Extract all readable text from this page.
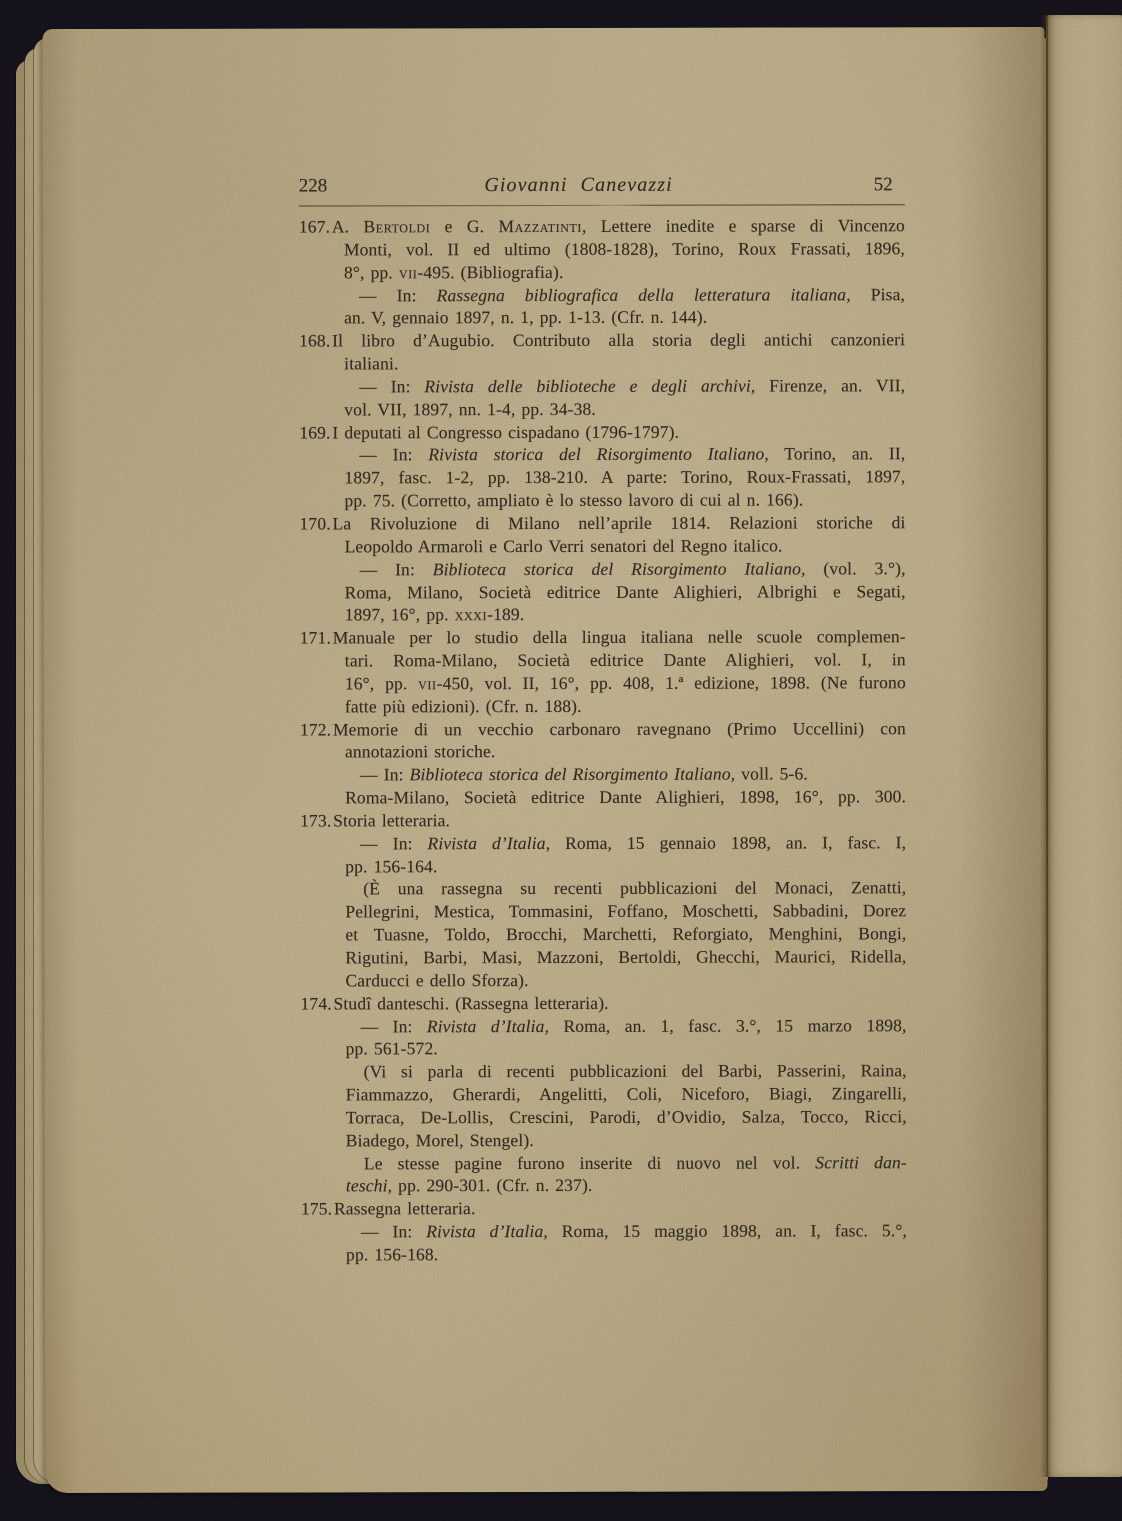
228	Giovanni Canevazzi	52
167. A. Bertoldi e G. Mazzatinti, Lettere inedite e sparse di Vincenzo
Monti, vol. II ed ultimo (1808-1828), Torino, Roux Frassati, 1896,
8°, pp. vii-495. (Bibliografia).
— In: Rassegna bibliografica della letteratura italiana, Pisa,
an. V, gennaio 1897, n. 1, pp. 1-13. (Cfr. n. 144).
168. Il libro d’Augubio. Contributo alla storia degli antichi canzonieri
italiani.
— In: Rivista delle biblioteche e degli archivi, Firenze, an. VII,
vol. VII, 1897, nn. 1-4, pp. 34-38.
169. I deputati al Congresso cispadano (1796-1797).
— In: Rivista storica del Risorgimento Italiano, Torino, an. II,
1897, fasc. 1-2, pp. 138-210. A parte: Torino, Roux-Frassati, 1897,
pp. 75. (Corretto, ampliato è lo stesso lavoro di cui al n. 166).
170. La Rivoluzione di Milano nell’aprile 1814. Relazioni storiche di
Leopoldo Armaroli e Carlo Verri senatori del Regno italico.
— In: Biblioteca storica del Risorgimento Italiano, (vol. 3.°),
Roma, Milano, Società editrice Dante Alighieri, Albrighi e Segati,
1897, 16°, pp. xxxi-189.
171. Manuale per lo studio della lingua italiana nelle scuole complemen-
tari. Roma-Milano, Società editrice Dante Alighieri, vol. I, in
16°, pp. vii-450, vol. II, 16°, pp. 408, 1.ª edizione, 1898. (Ne furono
fatte più edizioni). (Cfr. n. 188).
172. Memorie di un vecchio carbonaro ravegnano (Primo Uccellini) con
annotazioni storiche.
— In: Biblioteca storica del Risorgimento Italiano, voll. 5-6.
Roma-Milano, Società editrice Dante Alighieri, 1898, 16°, pp. 300.
173. Storia letteraria.
— In: Rivista d’Italia, Roma, 15 gennaio 1898, an. I, fasc. I,
pp. 156-164.
(È una rassegna su recenti pubblicazioni del Monaci, Zenatti,
Pellegrini, Mestica, Tommasini, Foffano, Moschetti, Sabbadini, Dorez
et Tuasne, Toldo, Brocchi, Marchetti, Reforgiato, Menghini, Bongi,
Rigutini, Barbi, Masi, Mazzoni, Bertoldi, Ghecchi, Maurici, Ridella,
Carducci e dello Sforza).
174. Studî danteschi. (Rassegna letteraria).
— In: Rivista d’Italia, Roma, an. 1, fasc. 3.°, 15 marzo 1898,
pp. 561-572.
(Vi si parla di recenti pubblicazioni del Barbi, Passerini, Raina,
Fiammazzo, Gherardi, Angelitti, Coli, Niceforo, Biagi, Zingarelli,
Torraca, De-Lollis, Crescini, Parodi, d’Ovidio, Salza, Tocco, Ricci,
Biadego, Morel, Stengel).
Le stesse pagine furono inserite di nuovo nel vol. Scritti dan-
teschi, pp. 290-301. (Cfr. n. 237).
175. Rassegna letteraria.
— In: Rivista d’Italia, Roma, 15 maggio 1898, an. I, fasc. 5.°,
pp. 156-168.
